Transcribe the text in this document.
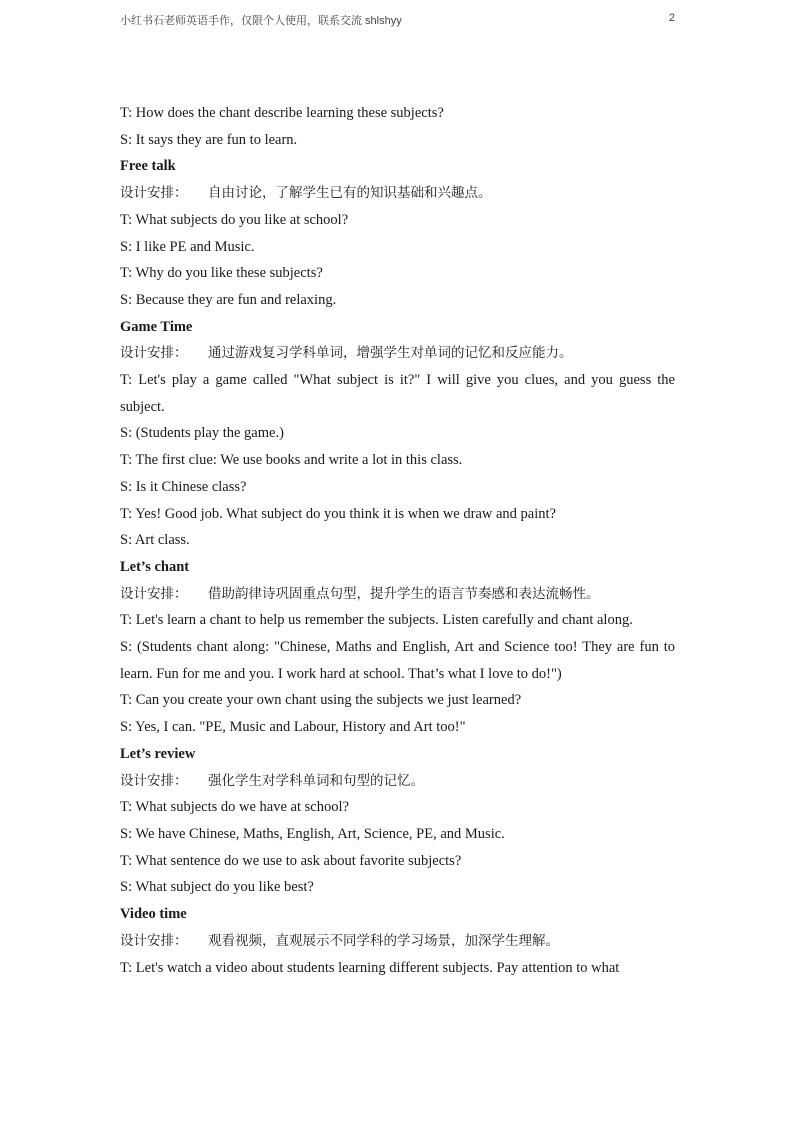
小红书石老师英语手作，仅限个人使用，联系交流 shlshyy	2

T: How does the chant describe learning these subjects?

S: It says they are fun to learn.

Free talk

设计安排： 自由讨论，了解学生已有的知识基础和兴趣点。

T: What subjects do you like at school?

S: I like PE and Music.

T: Why do you like these subjects?

S: Because they are fun and relaxing.

Game Time

设计安排： 通过游戏复习学科单词，增强学生对单词的记忆和反应能力。

T: Let's play a game called "What subject is it?" I will give you clues, and you guess the subject.

S: (Students play the game.)

T: The first clue: We use books and write a lot in this class.

S: Is it Chinese class?

T: Yes! Good job. What subject do you think it is when we draw and paint?

S: Art class.

Let’s chant

设计安排： 借助韵律诗巩固重点句型，提升学生的语言节奏感和表达流畅性。

T: Let's learn a chant to help us remember the subjects. Listen carefully and chant along.

S: (Students chant along: "Chinese, Maths and English, Art and Science too! They are fun to learn. Fun for me and you. I work hard at school. That’s what I love to do!")

T: Can you create your own chant using the subjects we just learned?

S: Yes, I can. "PE, Music and Labour, History and Art too!"

Let’s review

设计安排： 强化学生对学科单词和句型的记忆。

T: What subjects do we have at school?

S: We have Chinese, Maths, English, Art, Science, PE, and Music.

T: What sentence do we use to ask about favorite subjects?

S: What subject do you like best?

Video time

设计安排： 观看视频，直观展示不同学科的学习场景，加深学生理解。

T: Let's watch a video about students learning different subjects. Pay attention to what
